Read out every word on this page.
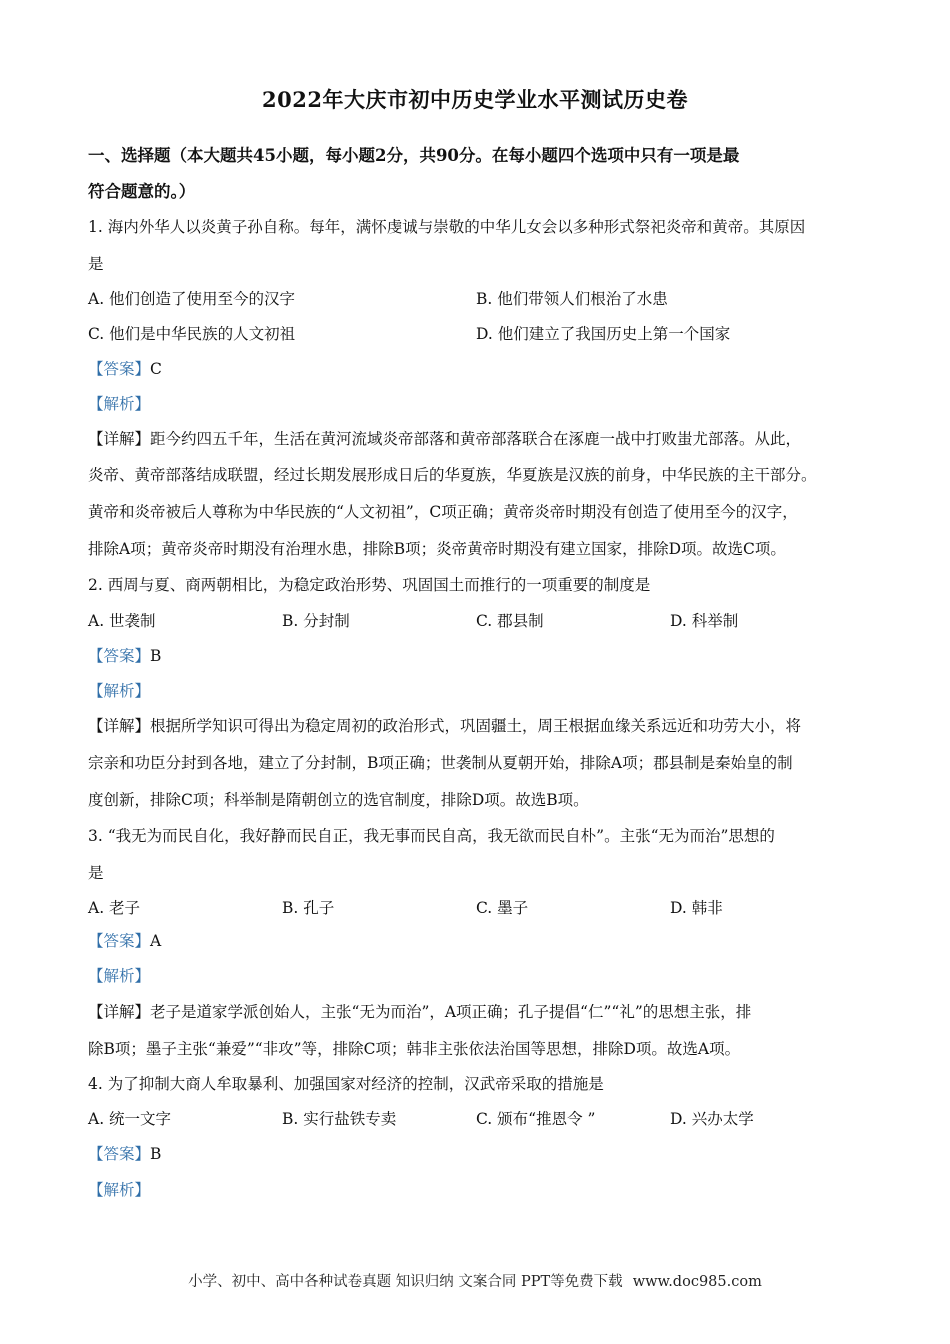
2022年大庆市初中历史学业水平测试历史卷
一、选择题（本大题共45小题，每小题2分，共90分。在每小题四个选项中只有一项是最
符合题意的。）
1. 海内外华人以炎黄子孙自称。每年，满怀虔诚与崇敬的中华儿女会以多种形式祭祀炎帝和黄帝。其原因
是
A. 他们创造了使用至今的汉字	B. 他们带领人们根治了水患
C. 他们是中华民族的人文初祖	D. 他们建立了我国历史上第一个国家
【答案】C
【解析】
【详解】距今约四五千年，生活在黄河流域炎帝部落和黄帝部落联合在涿鹿一战中打败蚩尤部落。从此，
炎帝、黄帝部落结成联盟，经过长期发展形成日后的华夏族，华夏族是汉族的前身，中华民族的主干部分。
黄帝和炎帝被后人尊称为中华民族的“人文初祖”，C项正确；黄帝炎帝时期没有创造了使用至今的汉字，
排除A项；黄帝炎帝时期没有治理水患，排除B项；炎帝黄帝时期没有建立国家，排除D项。故选C项。
2. 西周与夏、商两朝相比，为稳定政治形势、巩固国土而推行的一项重要的制度是
A. 世袭制	B. 分封制	C. 郡县制	D. 科举制
【答案】B
【解析】
【详解】根据所学知识可得出为稳定周初的政治形式，巩固疆土，周王根据血缘关系远近和功劳大小，将
宗亲和功臣分封到各地，建立了分封制，B项正确；世袭制从夏朝开始，排除A项；郡县制是秦始皇的制
度创新，排除C项；科举制是隋朝创立的选官制度，排除D项。故选B项。
3. “我无为而民自化，我好静而民自正，我无事而民自高，我无欲而民自朴”。主张“无为而治”思想的
是
A. 老子	B. 孔子	C. 墨子	D. 韩非
【答案】A
【解析】
【详解】老子是道家学派创始人，主张“无为而治”，A项正确；孔子提倡“仁”“礼”的思想主张，排
除B项；墨子主张“兼爱”“非攻”等，排除C项；韩非主张依法治国等思想，排除D项。故选A项。
4. 为了抑制大商人牟取暴利、加强国家对经济的控制，汉武帝采取的措施是
A. 统一文字	B. 实行盐铁专卖	C. 颁布“推恩令 ”	D. 兴办太学
【答案】B
【解析】
小学、初中、高中各种试卷真题 知识归纳 文案合同 PPT等免费下载 www.doc985.com
